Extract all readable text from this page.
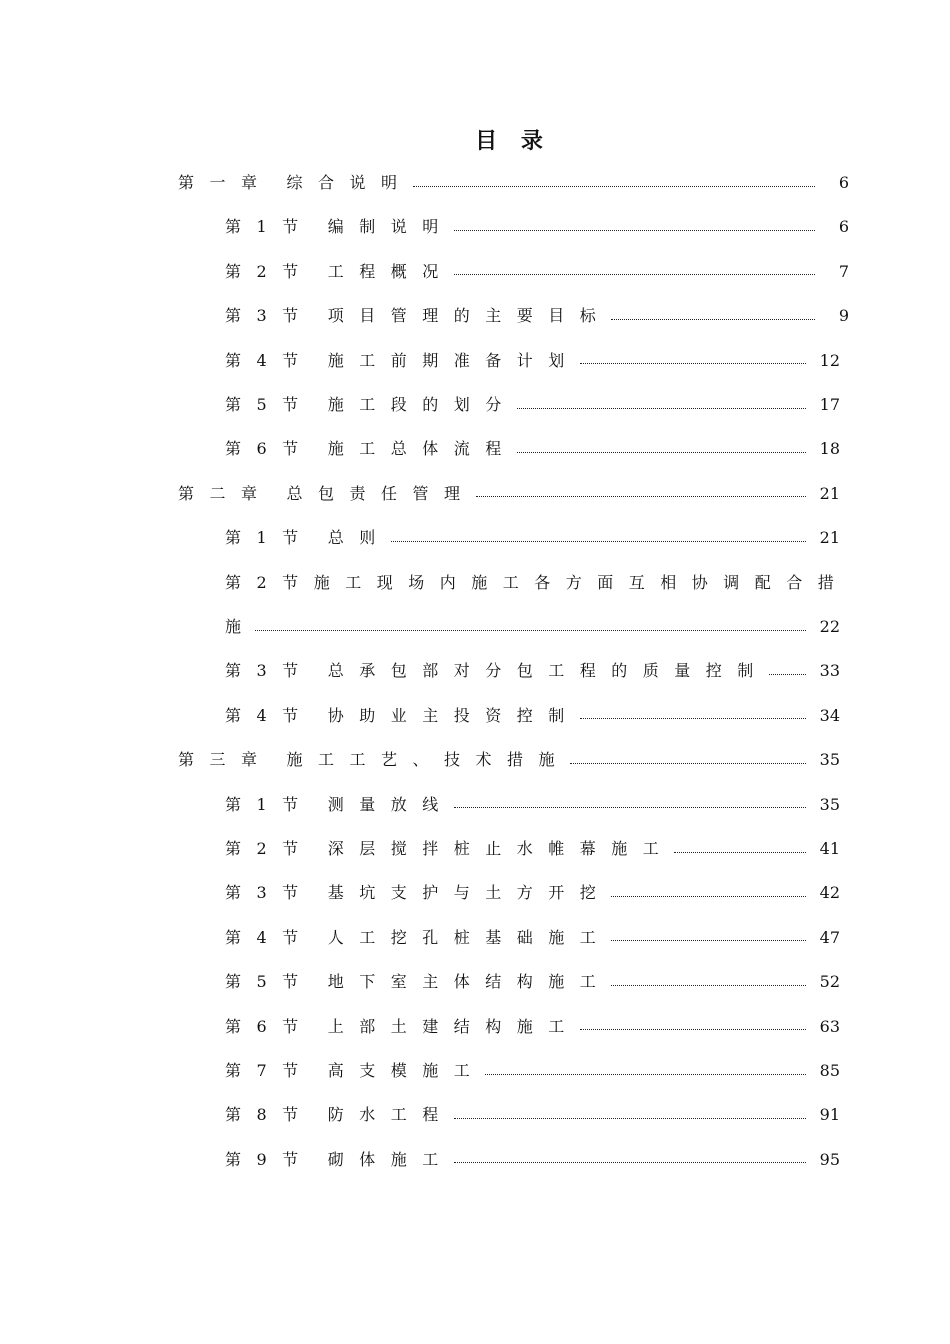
目 录
第一章 综合说明	6
第1节 编制说明	6
第2节 工程概况	7
第3节 项目管理的主要目标	9
第4节 施工前期准备计划	12
第5节 施工段的划分	17
第6节 施工总体流程	18
第二章 总包责任管理	21
第1节 总则	21
第2节 施工现场内施工各方面互相协调配合措
施	22
第3节 总承包部对分包工程的质量控制	33
第4节 协助业主投资控制	34
第三章 施工工艺、技术措施	35
第1节 测量放线	35
第2节 深层搅拌桩止水帷幕施工	41
第3节 基坑支护与土方开挖	42
第4节 人工挖孔桩基础施工	47
第5节 地下室主体结构施工	52
第6节 上部土建结构施工	63
第7节 高支模施工	85
第8节 防水工程	91
第9节 砌体施工	95
